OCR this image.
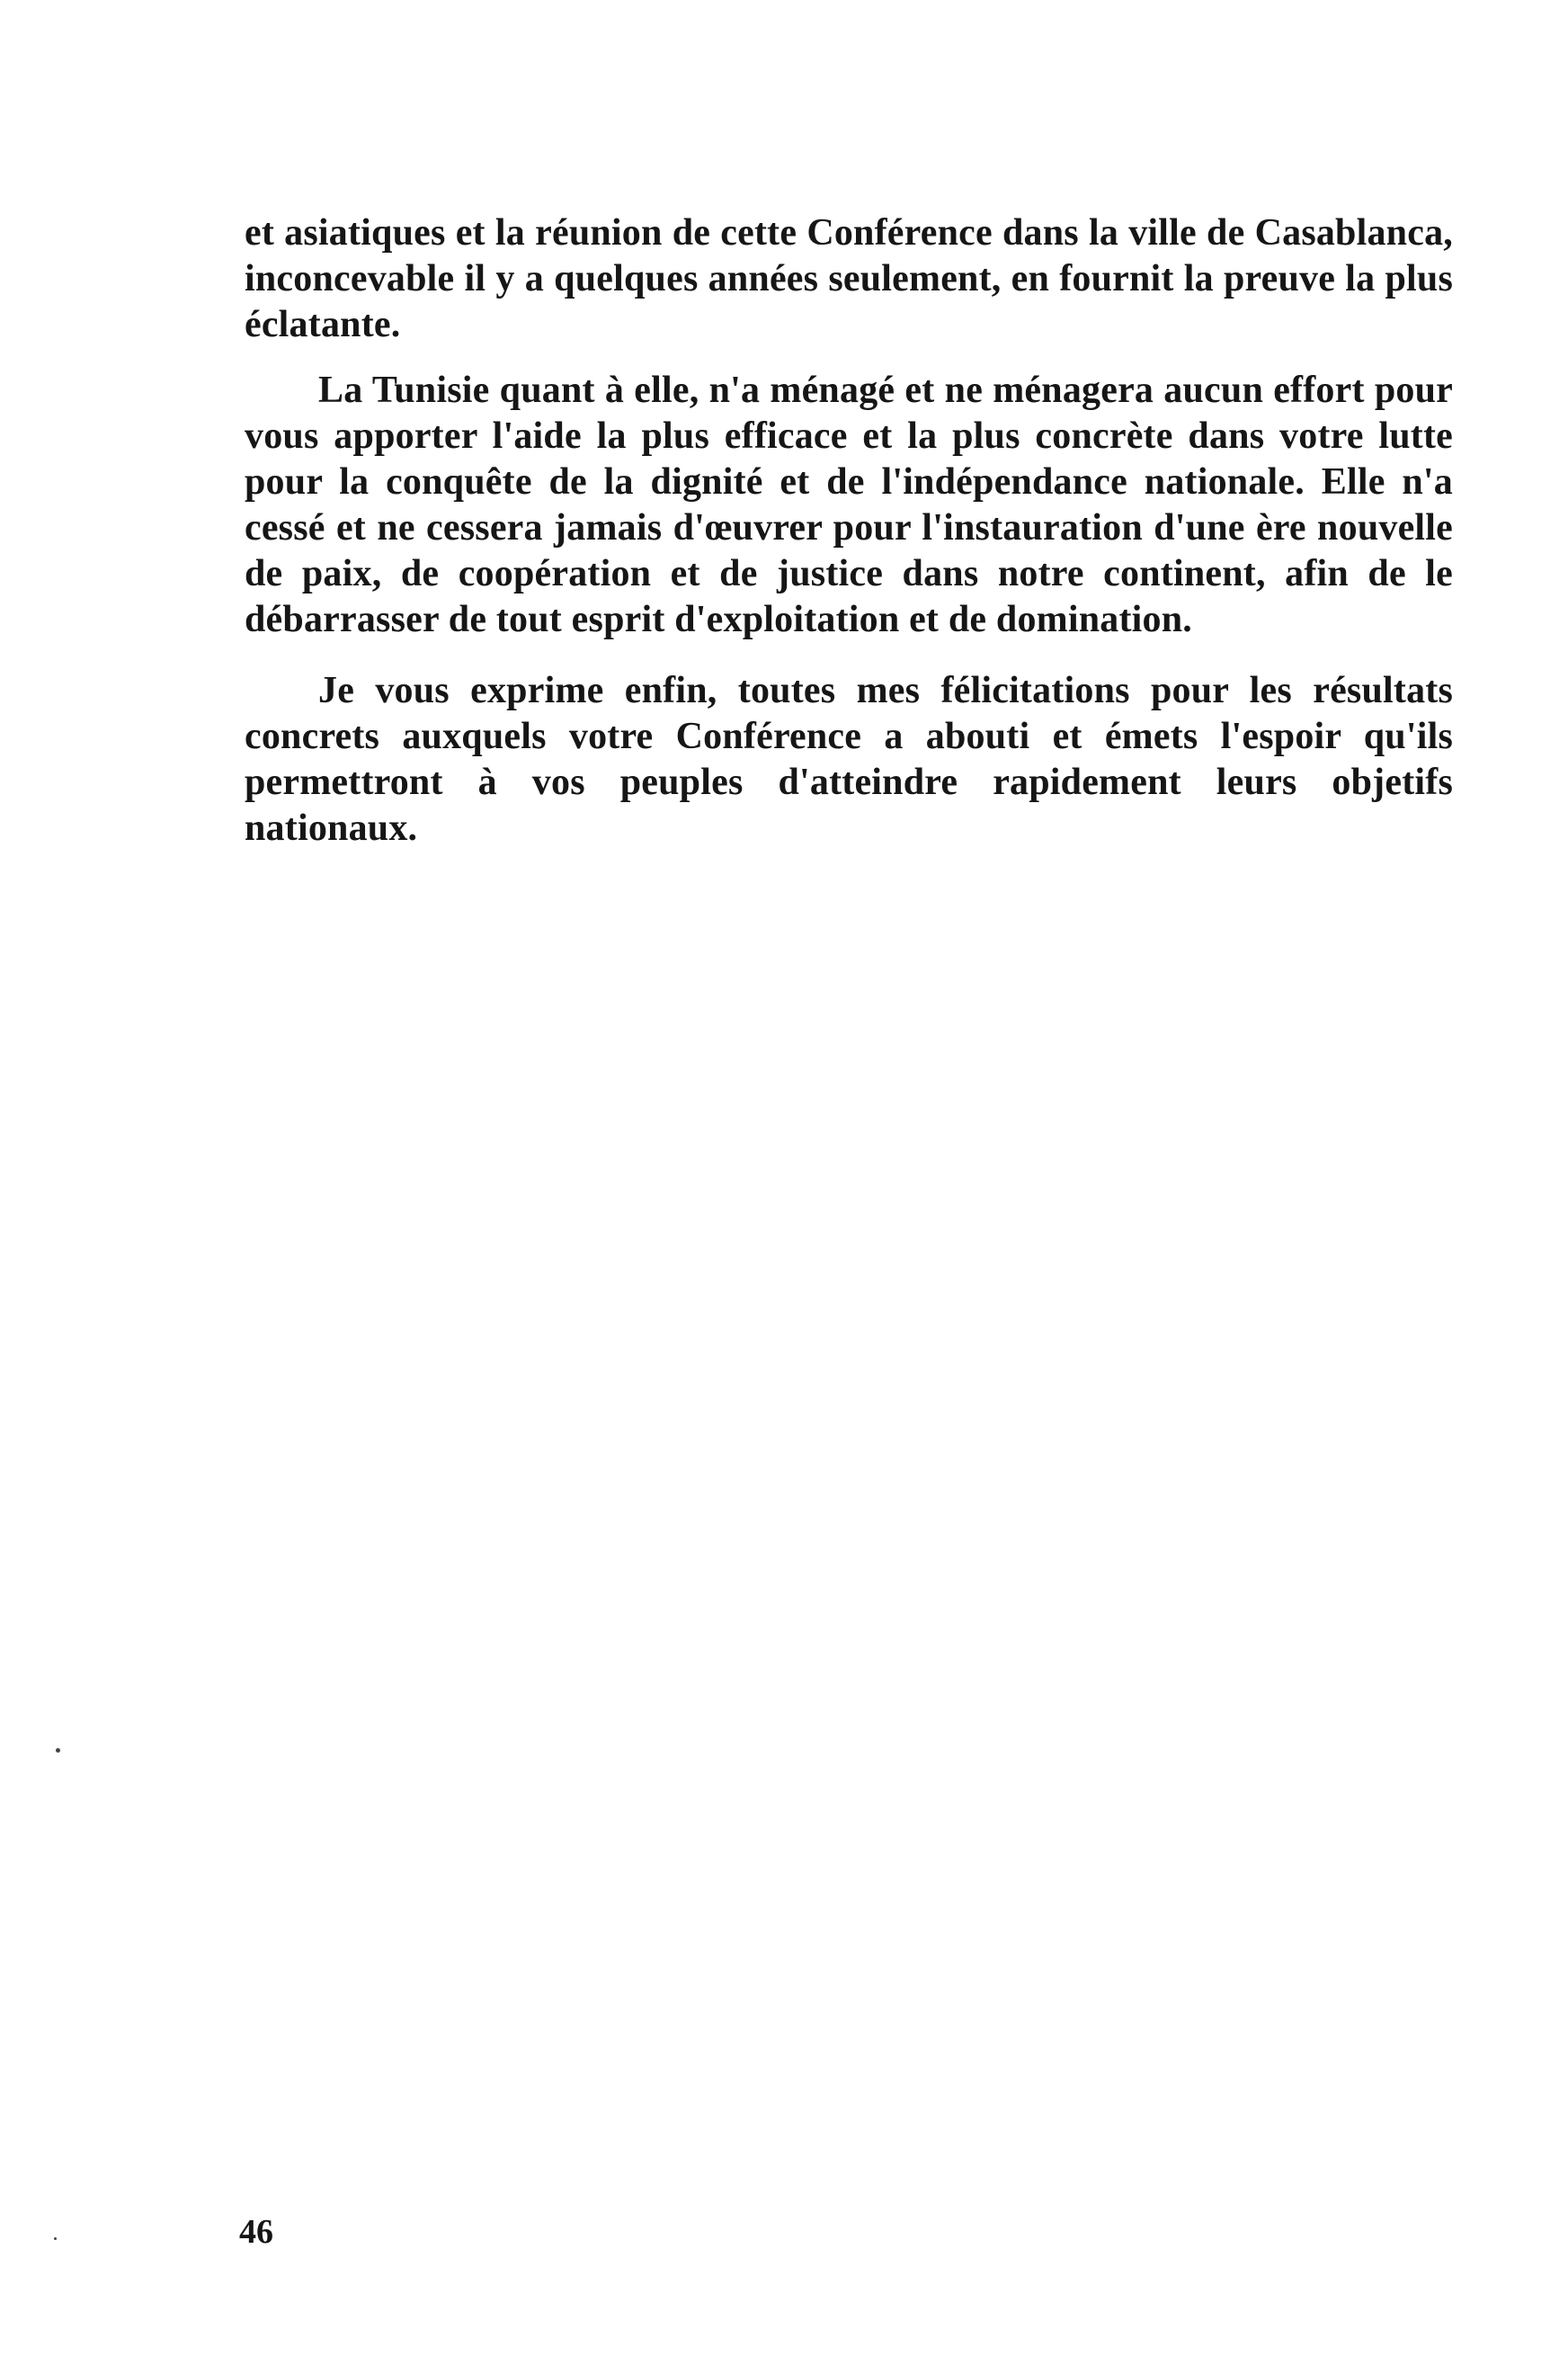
et asiatiques et la réunion de cette Conférence dans la ville de Casablanca, inconcevable il y a quelques années seulement, en fournit la preuve la plus éclatante.

La Tunisie quant à elle, n'a ménagé et ne ménagera aucun effort pour vous apporter l'aide la plus efficace et la plus concrète dans votre lutte pour la conquête de la dignité et de l'indépendance nationale. Elle n'a cessé et ne cessera jamais d'œuvrer pour l'instauration d'une ère nouvelle de paix, de coopération et de justice dans notre continent, afin de le débarrasser de tout esprit d'exploitation et de domination.

Je vous exprime enfin, toutes mes félicitations pour les résultats concrets auxquels votre Conférence a abouti et émets l'espoir qu'ils permettront à vos peuples d'atteindre rapidement leurs objetifs nationaux.

46
